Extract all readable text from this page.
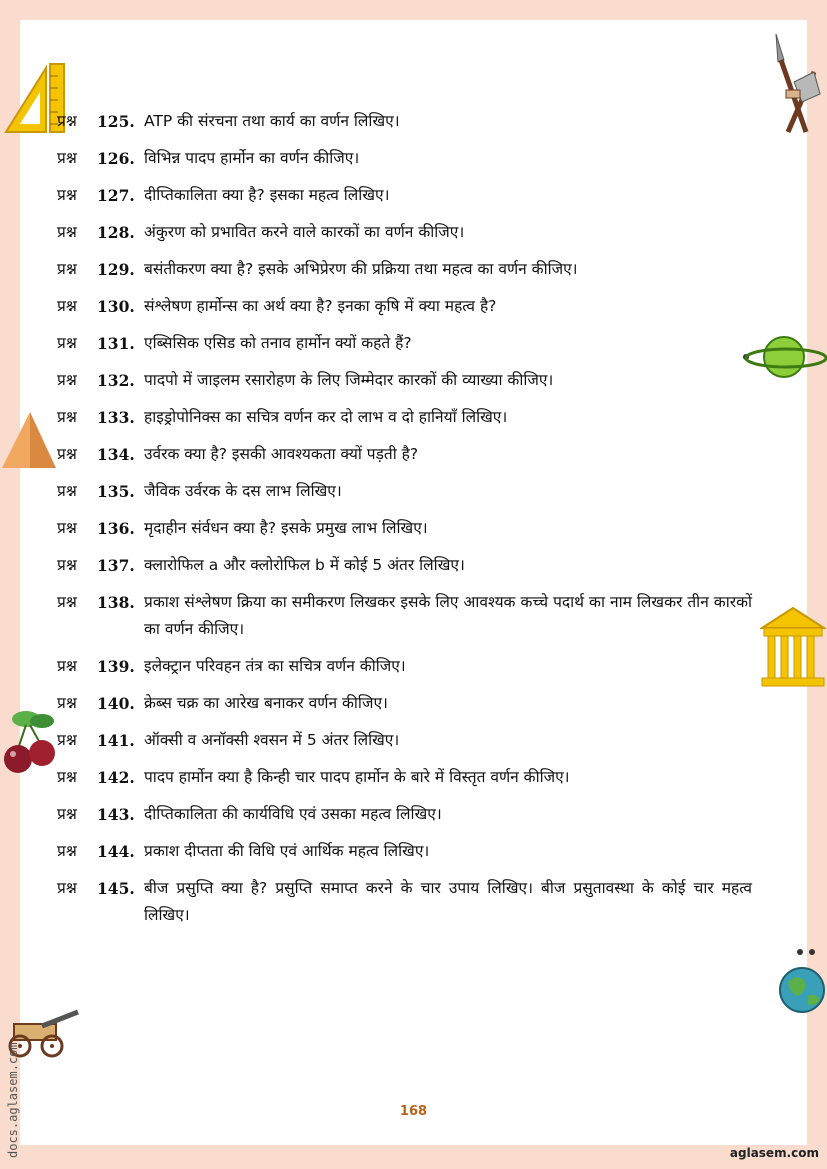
प्रश्न	125. ATP की संरचना तथा कार्य का वर्णन लिखिए।
प्रश्न	126. विभिन्न पादप हार्मोन का वर्णन कीजिए।
प्रश्न	127. दीप्तिकालिता क्या है? इसका महत्व लिखिए।
प्रश्न	128. अंकुरण को प्रभावित करने वाले कारकों का वर्णन कीजिए।
प्रश्न	129. बसंतीकरण क्या है? इसके अभिप्रेरण की प्रक्रिया तथा महत्व का वर्णन कीजिए।
प्रश्न	130. संश्लेषण हार्मोन्स का अर्थ क्या है? इनका कृषि में क्या महत्व है?
प्रश्न	131. एब्सिसिक एसिड को तनाव हार्मोन क्यों कहते हैं?
प्रश्न	132. पादपो में जाइलम रसारोहण के लिए जिम्मेदार कारकों की व्याख्या कीजिए।
प्रश्न	133. हाइड्रोपोनिक्स का सचित्र वर्णन कर दो लाभ व दो हानियाँ लिखिए।
प्रश्न	134. उर्वरक क्या है? इसकी आवश्यकता क्यों पड़ती है?
प्रश्न	135. जैविक उर्वरक के दस लाभ लिखिए।
प्रश्न	136. मृदाहीन संर्वधन क्या है? इसके प्रमुख लाभ लिखिए।
प्रश्न	137. क्लारोफिल a और क्लोरोफिल b में कोई 5 अंतर लिखिए।
प्रश्न	138. प्रकाश संश्लेषण क्रिया का समीकरण लिखकर इसके लिए आवश्यक कच्चे पदार्थ का नाम लिखकर तीन कारकों का वर्णन कीजिए।
प्रश्न	139. इलेक्ट्रान परिवहन तंत्र का सचित्र वर्णन कीजिए।
प्रश्न	140. क्रेब्स चक्र का आरेख बनाकर वर्णन कीजिए।
प्रश्न	141. ऑक्सी व अनॉक्सी श्वसन में 5 अंतर लिखिए।
प्रश्न	142. पादप हार्मोन क्या है किन्ही चार पादप हार्मोन के बारे में विस्तृत वर्णन कीजिए।
प्रश्न	143. दीप्तिकालिता की कार्यविधि एवं उसका महत्व लिखिए।
प्रश्न	144. प्रकाश दीप्तता की विधि एवं आर्थिक महत्व लिखिए।
प्रश्न	145. बीज प्रसुप्ति क्या है? प्रसुप्ति समाप्त करने के चार उपाय लिखिए। बीज प्रसुतावस्था के कोई चार महत्व लिखिए।
docs.aglasem.com	168
aglasem.com
